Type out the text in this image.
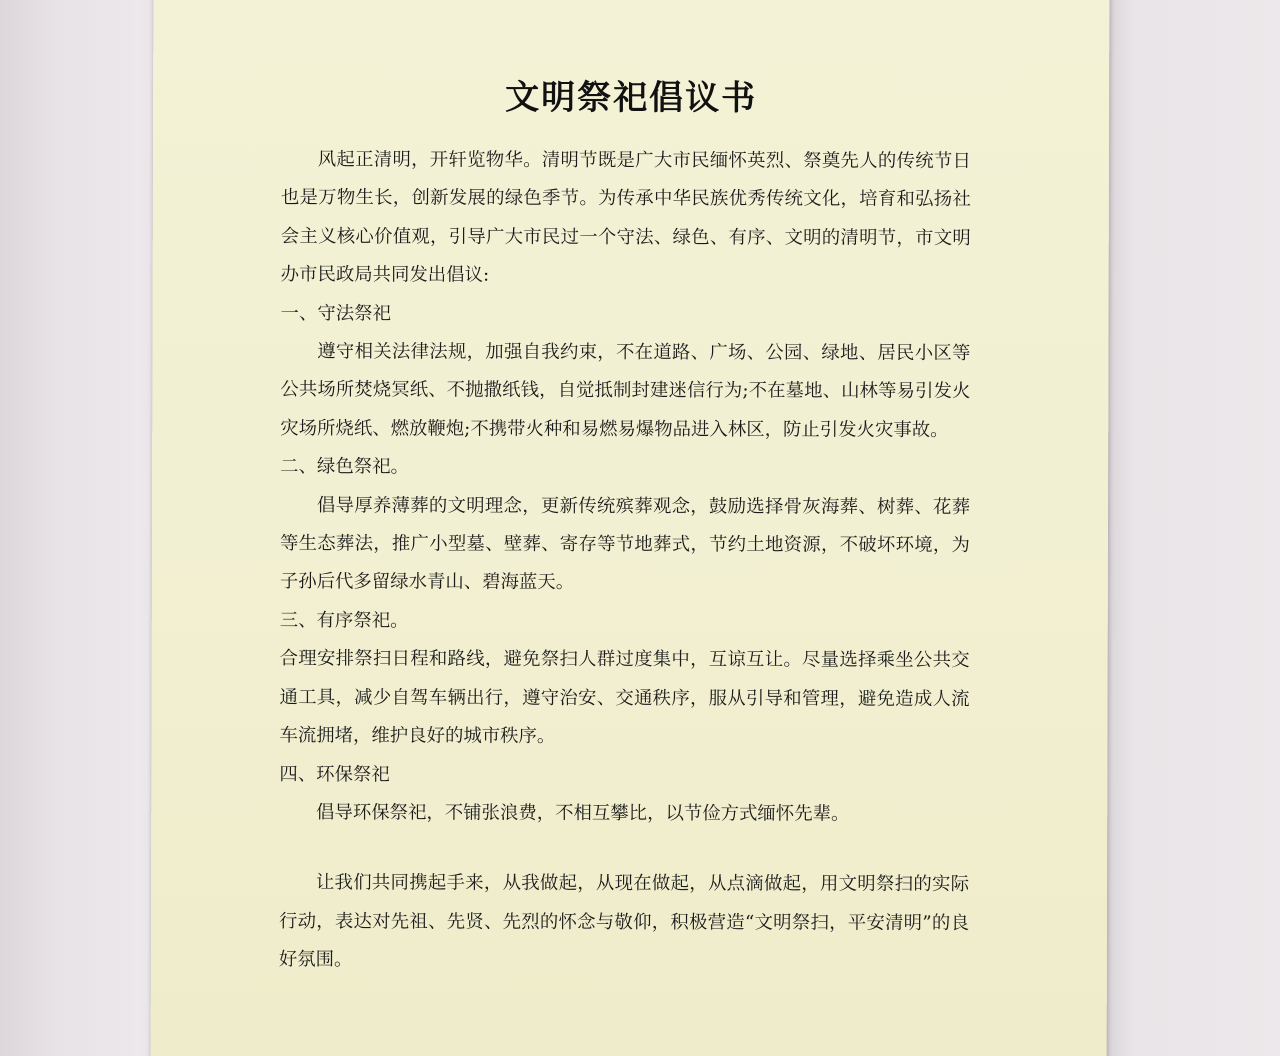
文明祭祀倡议书

风起正清明，开轩览物华。清明节既是广大市民缅怀英烈、祭奠先人的传统节日也是万物生长，创新发展的绿色季节。为传承中华民族优秀传统文化，培育和弘扬社会主义核心价值观，引导广大市民过一个守法、绿色、有序、文明的清明节，市文明办市民政局共同发出倡议:

一、守法祭祀

遵守相关法律法规，加强自我约束，不在道路、广场、公园、绿地、居民小区等公共场所焚烧冥纸、不抛撒纸钱，自觉抵制封建迷信行为;不在墓地、山林等易引发火灾场所烧纸、燃放鞭炮;不携带火种和易燃易爆物品进入林区，防止引发火灾事故。

二、绿色祭祀。

倡导厚养薄葬的文明理念，更新传统殡葬观念，鼓励选择骨灰海葬、树葬、花葬等生态葬法，推广小型墓、壁葬、寄存等节地葬式，节约土地资源，不破坏环境，为子孙后代多留绿水青山、碧海蓝天。

三、有序祭祀。

合理安排祭扫日程和路线，避免祭扫人群过度集中，互谅互让。尽量选择乘坐公共交通工具，减少自驾车辆出行，遵守治安、交通秩序，服从引导和管理，避免造成人流车流拥堵，维护良好的城市秩序。

四、环保祭祀

倡导环保祭祀，不铺张浪费，不相互攀比，以节俭方式缅怀先辈。

让我们共同携起手来，从我做起，从现在做起，从点滴做起，用文明祭扫的实际行动，表达对先祖、先贤、先烈的怀念与敬仰，积极营造“文明祭扫，平安清明”的良好氛围。
